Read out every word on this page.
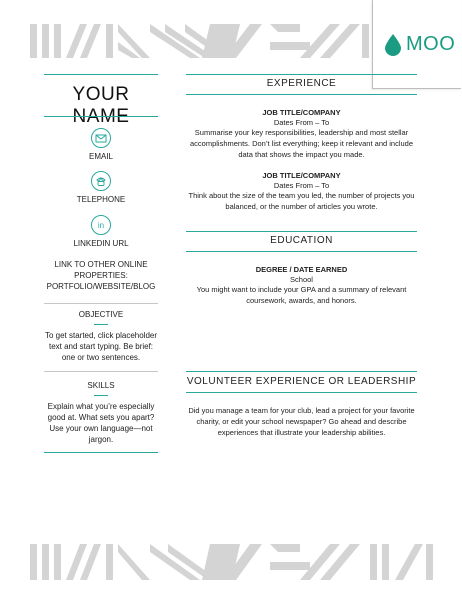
MOO
YOUR NAME
EMAIL
TELEPHONE
in
LINKEDIN URL
LINK TO OTHER ONLINE PROPERTIES: PORTFOLIO/WEBSITE/BLOG
OBJECTIVE
To get started, click placeholder text and start typing. Be brief: one or two sentences.
SKILLS
Explain what you’re especially good at. What sets you apart? Use your own language—not jargon.
EXPERIENCE
JOB TITLE/COMPANY
Dates From – To
Summarise your key responsibilities, leadership and most stellar accomplishments. Don’t list everything; keep it relevant and include data that shows the impact you made.
JOB TITLE/COMPANY
Dates From – To
Think about the size of the team you led, the number of projects you balanced, or the number of articles you wrote.
EDUCATION
DEGREE / DATE EARNED
School
You might want to include your GPA and a summary of relevant coursework, awards, and honors.
VOLUNTEER EXPERIENCE OR LEADERSHIP
Did you manage a team for your club, lead a project for your favorite charity, or edit your school newspaper? Go ahead and describe experiences that illustrate your leadership abilities.
